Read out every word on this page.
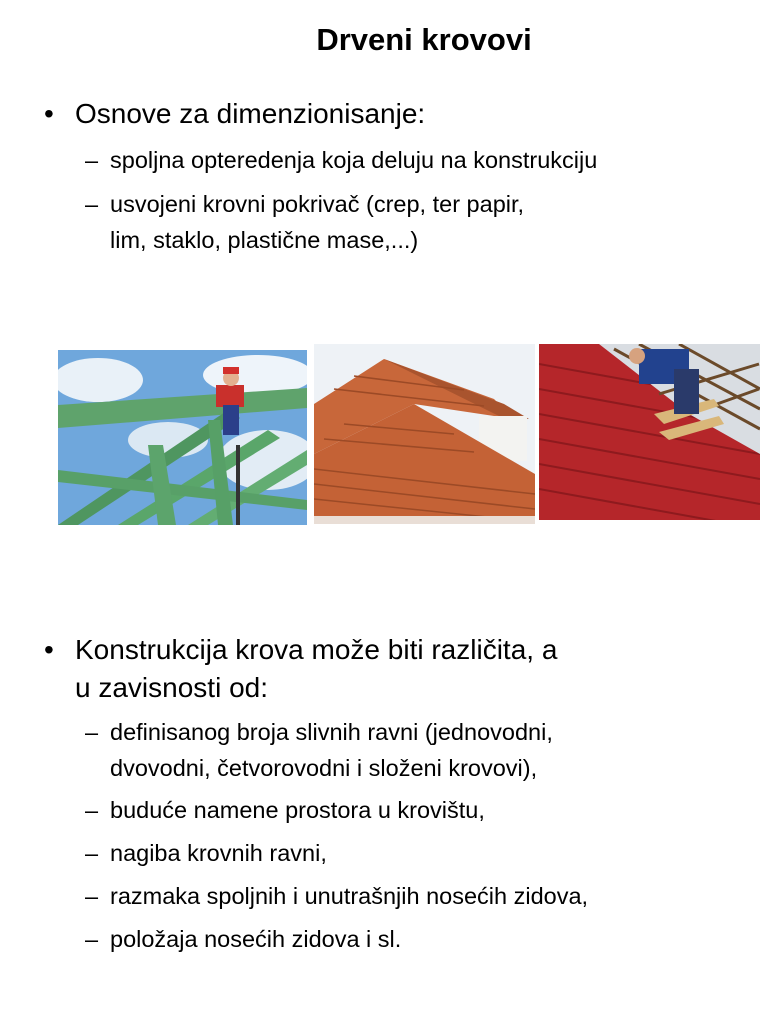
Drveni krovovi
• Osnove za dimenzionisanje:
– spoljna opteredenja koja deluju na konstrukciju
– usvojeni krovni pokrivač (crep, ter papir,
lim, staklo, plastične mase,...)
• Konstrukcija krova može biti različita, a
u zavisnosti od:
– definisanog broja slivnih ravni (jednovodni,
dvovodni, četvorovodni i složeni krovovi),
– buduće namene prostora u krovištu,
– nagiba krovnih ravni,
– razmaka spoljnih i unutrašnjih nosećih zidova,
– položaja nosećih zidova i sl.
